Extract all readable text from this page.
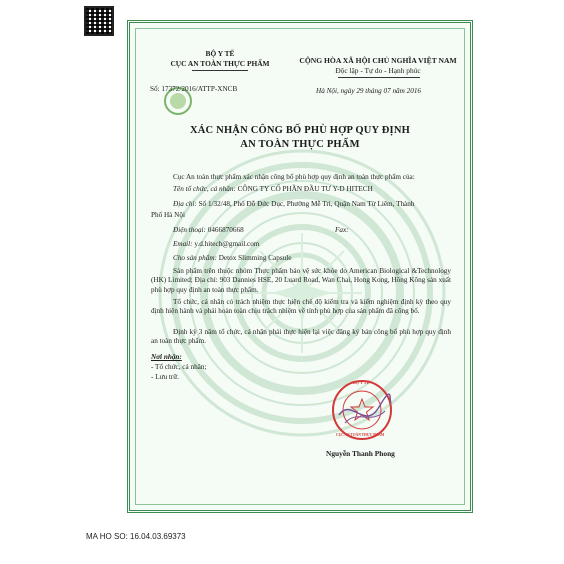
BỘ Y TẾ
CỤC AN TOÀN THỰC PHẨM
Số: 17372/2016/ATTP-XNCB
CỘNG HÒA XÃ HỘI CHỦ NGHĨA VIỆT NAM
Độc lập - Tự do - Hạnh phúc
Hà Nội, ngày 29 tháng 07 năm 2016
XÁC NHẬN CÔNG BỐ PHÙ HỢP QUY ĐỊNH
AN TOÀN THỰC PHẨM
Cục An toàn thực phẩm xác nhận công bố phù hợp quy định an toàn thực phẩm của:
Tên tổ chức, cá nhân: CÔNG TY CỔ PHẦN ĐẦU TƯ Y-D HITECH
Địa chỉ: Số 1/32/48, Phố Đỗ Đức Dục, Phường Mễ Trì, Quận Nam Từ Liêm, Thành
Phố Hà Nội
Điện thoại: 0466870668	Fax:
Email: y.d.hitech@gmail.com
Cho sản phẩm: Detox Slimming Capsule
Sản phẩm trên thuộc nhóm Thực phẩm bảo vệ sức khỏe do American Biological &Technology (HK) Limited; Địa chỉ: 903 Dannies HSE, 20 Luard Road, Wan Chai, Hong Kong, Hồng Kông sản xuất phù hợp quy định an toàn thực phẩm.
Tổ chức, cá nhân có trách nhiệm thực hiện chế độ kiểm tra và kiểm nghiệm định kỳ theo quy định hiện hành và phải hoàn toàn chịu trách nhiệm về tính phù hợp của sản phẩm đã công bố.
Định kỳ 3 năm tổ chức, cá nhân phải thực hiện lại việc đăng ký bản công bố phù hợp quy định an toàn thực phẩm.
Nơi nhận:
- Tổ chức, cá nhân;
- Lưu trữ.
BỘ Y TẾ
CỤC AN TOÀN THỰC PHẨM
Nguyễn Thanh Phong
MA HO SO: 16.04.03.69373
